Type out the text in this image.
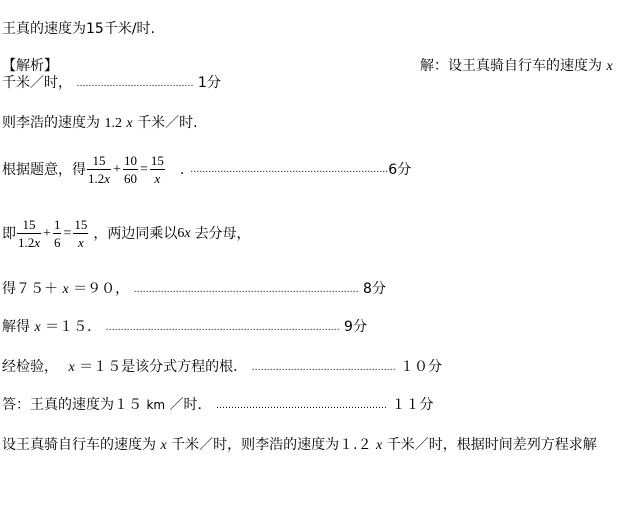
王真的速度为15千米/时.
【解析】	解：设王真骑自行车的速度为 x
千米／时， ………………………………… 1分
则李浩的速度为 1.2 x 千米／时.
根据题意，得 $\frac{15}{1.2x} + \frac{10}{60} = \frac{15}{x}$ . ………………………………………………………… 6分
即 $\frac{15}{1.2x} + \frac{1}{6} = \frac{15}{x}$ ，两边同乘以 6 x 去分母，
得７５＋ x ＝９０， ………………………………………………………………… 8分
解得 x ＝１５． …………………………………………………………………… 9分
经检验， x ＝１５是该分式方程的根． ………………………………………… １０分
答：王真的速度为１５ km ／时． ………………………………………………… １１分
设王真骑自行车的速度为 x 千米／时，则李浩的速度为１.２ x 千米／时，根据时间差列方程求解
